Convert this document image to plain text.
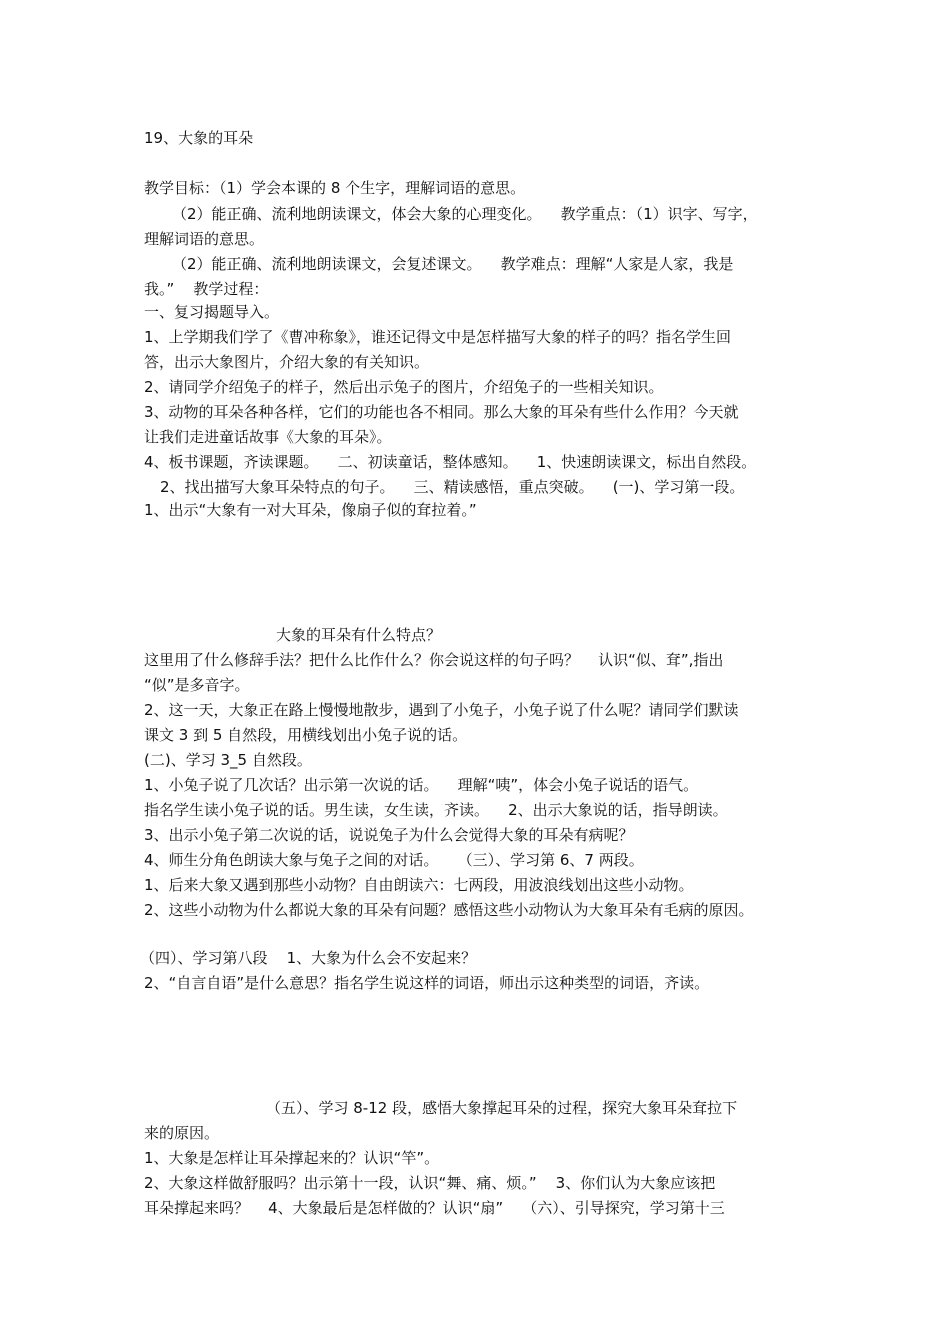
19、大象的耳朵
教学目标：（1）学会本课的 8 个生字，理解词语的意思。
（2）能正确、流利地朗读课文，体会大象的心理变化。    教学重点：（1）识字、写字，
理解词语的意思。
（2）能正确、流利地朗读课文，会复述课文。    教学难点：理解“人家是人家，我是
我。”    教学过程：
一、复习揭题导入。
1、上学期我们学了《曹冲称象》，谁还记得文中是怎样描写大象的样子的吗？指名学生回
答，出示大象图片，介绍大象的有关知识。
2、请同学介绍兔子的样子，然后出示兔子的图片，介绍兔子的一些相关知识。
3、动物的耳朵各种各样，它们的功能也各不相同。那么大象的耳朵有些什么作用？今天就
让我们走进童话故事《大象的耳朵》。
4、板书课题，齐读课题。    二、初读童话，整体感知。    1、快速朗读课文，标出自然段。
2、找出描写大象耳朵特点的句子。    三、精读感悟，重点突破。    (一)、学习第一段。
1、出示“大象有一对大耳朵，像扇子似的耷拉着。”
大象的耳朵有什么特点？
这里用了什么修辞手法？把什么比作什么？你会说这样的句子吗？    认识“似、耷”,指出
“似”是多音字。
2、这一天，大象正在路上慢慢地散步，遇到了小兔子，小兔子说了什么呢？请同学们默读
课文 3 到 5 自然段，用横线划出小兔子说的话。
(二)、学习 3_5 自然段。
1、小兔子说了几次话？出示第一次说的话。    理解“咦”，体会小兔子说话的语气。
指名学生读小兔子说的话。男生读，女生读，齐读。    2、出示大象说的话，指导朗读。
3、出示小兔子第二次说的话，说说兔子为什么会觉得大象的耳朵有病呢？
4、师生分角色朗读大象与兔子之间的对话。    （三）、学习第 6、7 两段。
1、后来大象又遇到那些小动物？自由朗读六：七两段，用波浪线划出这些小动物。
2、这些小动物为什么都说大象的耳朵有问题？感悟这些小动物认为大象耳朵有毛病的原因。
（四）、学习第八段    1、大象为什么会不安起来？
2、“自言自语”是什么意思？指名学生说这样的词语，师出示这种类型的词语，齐读。
（五）、学习 8-12 段，感悟大象撑起耳朵的过程，探究大象耳朵耷拉下
来的原因。
1、大象是怎样让耳朵撑起来的？认识“竿”。
2、大象这样做舒服吗？出示第十一段，认识“舞、痛、烦。”    3、你们认为大象应该把
耳朵撑起来吗？    4、大象最后是怎样做的？认识“扇”    （六）、引导探究，学习第十三
